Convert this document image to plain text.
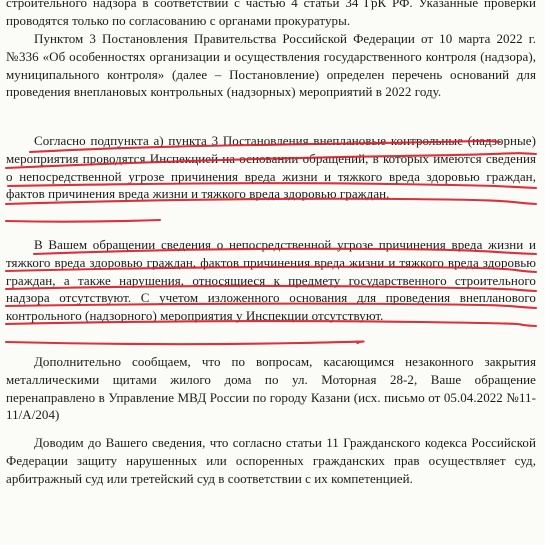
строительного надзора в соответствии с частью 4 статьи 34 ГрК РФ. Указанные проверки проводятся только по согласованию с органами прокуратуры.
Пунктом 3 Постановления Правительства Российской Федерации от 10 марта 2022 г. №336 «Об особенностях организации и осуществления государственного контроля (надзора), муниципального контроля» (далее – Постановление) определен перечень оснований для проведения внеплановых контрольных (надзорных) мероприятий в 2022 году.
Согласно подпункта а) пункта 3 Постановления внеплановые контрольные (надзорные) мероприятия проводятся Инспекцией на основании обращений, в которых имеются сведения о непосредственной угрозе причинения вреда жизни и тяжкого вреда здоровью граждан, фактов причинения вреда жизни и тяжкого вреда здоровью граждан.
В Вашем обращении сведения о непосредственной угрозе причинения вреда жизни и тяжкого вреда здоровью граждан, фактов причинения вреда жизни и тяжкого вреда здоровью граждан, а также нарушения, относящиеся к предмету государственного строительного надзора отсутствуют. С учетом изложенного основания для проведения внепланового контрольного (надзорного) мероприятия у Инспекции отсутствуют.
Дополнительно сообщаем, что по вопросам, касающимся незаконного закрытия металлическими щитами жилого дома по ул. Моторная 28-2, Ваше обращение перенаправлено в Управление МВД России по городу Казани (исх. письмо от 05.04.2022 №11-11/А/204)
Доводим до Вашего сведения, что согласно статьи 11 Гражданского кодекса Российской Федерации защиту нарушенных или оспоренных гражданских прав осуществляет суд, арбитражный суд или третейский суд в соответствии с их компетенцией.
